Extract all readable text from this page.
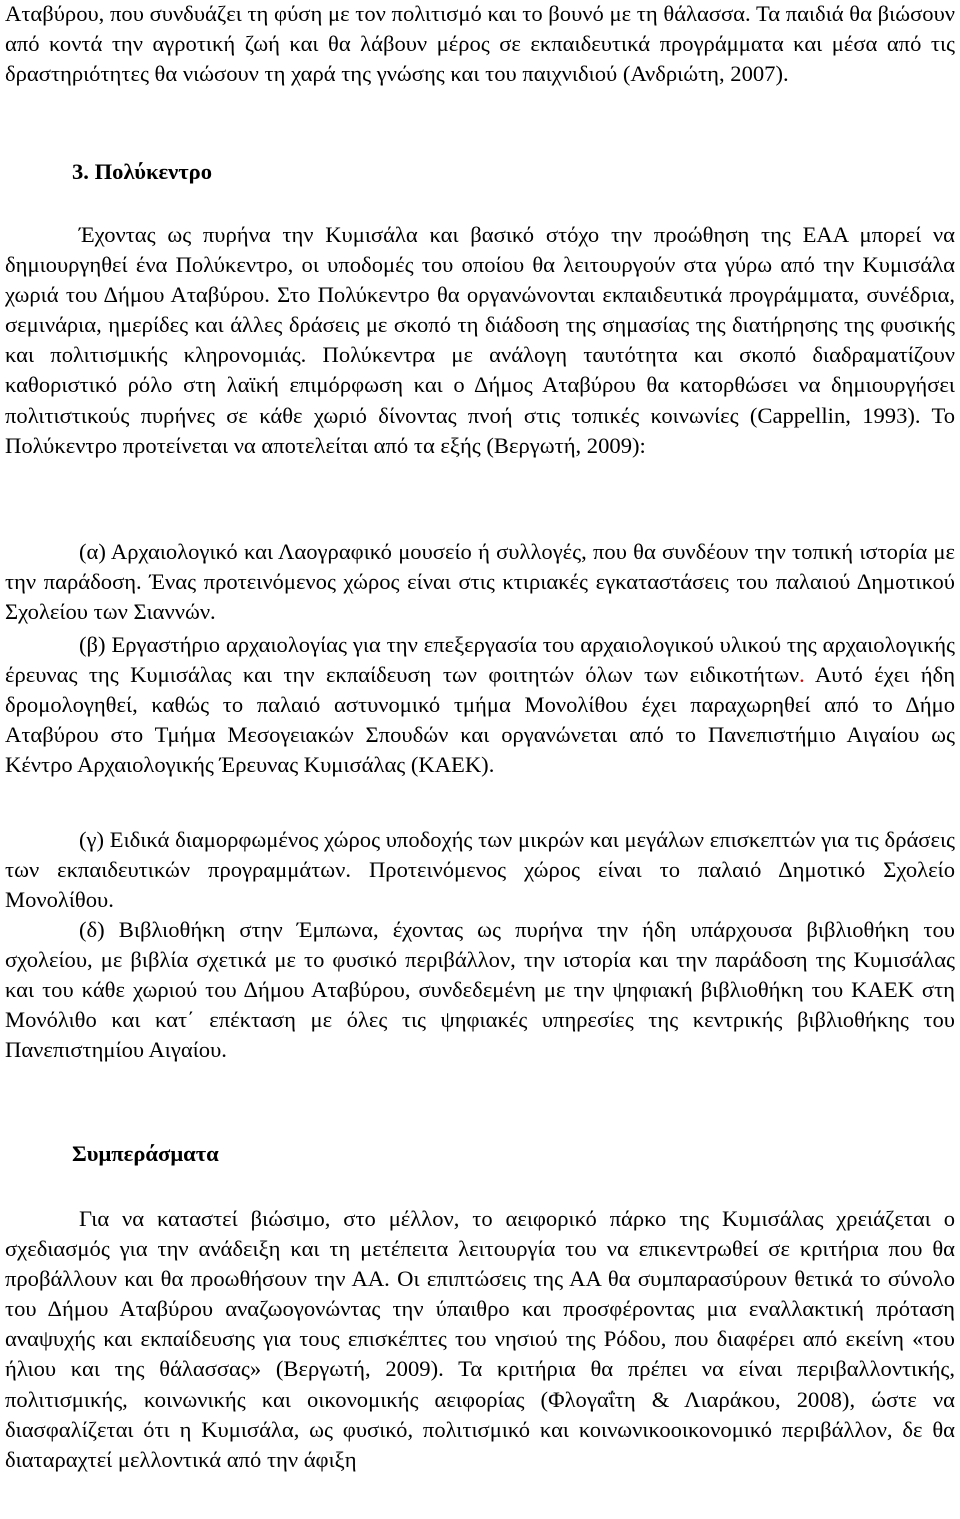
Αταβύρου, που συνδυάζει τη φύση με τον πολιτισμό και το βουνό με τη θάλασσα. Τα παιδιά θα βιώσουν από κοντά την αγροτική ζωή και θα λάβουν μέρος σε εκπαιδευτικά προγράμματα και μέσα από τις δραστηριότητες θα νιώσουν τη χαρά της γνώσης και του παιχνιδιού (Ανδριώτη, 2007).

3. Πολύκεντρο

Έχοντας ως πυρήνα την Κυμισάλα και βασικό στόχο την προώθηση της ΕΑΑ μπορεί να δημιουργηθεί ένα Πολύκεντρο, οι υποδομές του οποίου θα λειτουργούν στα γύρω από την Κυμισάλα χωριά του Δήμου Αταβύρου. Στο Πολύκεντρο θα οργανώνονται εκπαιδευτικά προγράμματα, συνέδρια, σεμινάρια, ημερίδες και άλλες δράσεις με σκοπό τη διάδοση της σημασίας της διατήρησης της φυσικής και πολιτισμικής κληρονομιάς. Πολύκεντρα με ανάλογη ταυτότητα και σκοπό διαδραματίζουν καθοριστικό ρόλο στη λαϊκή επιμόρφωση και ο Δήμος Αταβύρου θα κατορθώσει να δημιουργήσει πολιτιστικούς πυρήνες σε κάθε χωριό δίνοντας πνοή στις τοπικές κοινωνίες (Cappellin, 1993). Το Πολύκεντρο προτείνεται να αποτελείται από τα εξής (Βεργωτή, 2009):

(α) Αρχαιολογικό και Λαογραφικό μουσείο ή συλλογές, που θα συνδέουν την τοπική ιστορία με την παράδοση. Ένας προτεινόμενος χώρος είναι στις κτιριακές εγκαταστάσεις του παλαιού Δημοτικού Σχολείου των Σιαννών.

(β) Εργαστήριο αρχαιολογίας για την επεξεργασία του αρχαιολογικού υλικού της αρχαιολογικής έρευνας της Κυμισάλας και την εκπαίδευση των φοιτητών όλων των ειδικοτήτων. Αυτό έχει ήδη δρομολογηθεί, καθώς το παλαιό αστυνομικό τμήμα Μονολίθου έχει παραχωρηθεί από το Δήμο Αταβύρου στο Τμήμα Μεσογειακών Σπουδών και οργανώνεται από το Πανεπιστήμιο Αιγαίου ως Κέντρο Αρχαιολογικής Έρευνας Κυμισάλας (ΚΑΕΚ).

(γ) Ειδικά διαμορφωμένος χώρος υποδοχής των μικρών και μεγάλων επισκεπτών για τις δράσεις των εκπαιδευτικών προγραμμάτων. Προτεινόμενος χώρος είναι το παλαιό Δημοτικό Σχολείο Μονολίθου.

(δ) Βιβλιοθήκη στην Έμπωνα, έχοντας ως πυρήνα την ήδη υπάρχουσα βιβλιοθήκη του σχολείου, με βιβλία σχετικά με το φυσικό περιβάλλον, την ιστορία και την παράδοση της Κυμισάλας και του κάθε χωριού του Δήμου Αταβύρου, συνδεδεμένη με την ψηφιακή βιβλιοθήκη του ΚΑΕΚ στη Μονόλιθο και κατ΄ επέκταση με όλες τις ψηφιακές υπηρεσίες της κεντρικής βιβλιοθήκης του Πανεπιστημίου Αιγαίου.

Συμπεράσματα

Για να καταστεί βιώσιμο, στο μέλλον, το αειφορικό πάρκο της Κυμισάλας χρειάζεται ο σχεδιασμός για την ανάδειξη και τη μετέπειτα λειτουργία του να επικεντρωθεί σε κριτήρια που θα προβάλλουν και θα προωθήσουν την ΑΑ. Οι επιπτώσεις της ΑΑ θα συμπαρασύρουν θετικά το σύνολο του Δήμου Αταβύρου αναζωογονώντας την ύπαιθρο και προσφέροντας μια εναλλακτική πρόταση αναψυχής και εκπαίδευσης για τους επισκέπτες του νησιού της Ρόδου, που διαφέρει από εκείνη «του ήλιου και της θάλασσας» (Βεργωτή, 2009). Τα κριτήρια θα πρέπει να είναι περιβαλλοντικής, πολιτισμικής, κοινωνικής και οικονομικής αειφορίας (Φλογαΐτη & Λιαράκου, 2008), ώστε να διασφαλίζεται ότι η Κυμισάλα, ως φυσικό, πολιτισμικό και κοινωνικοοικονομικό περιβάλλον, δε θα διαταραχτεί μελλοντικά από την άφιξη
